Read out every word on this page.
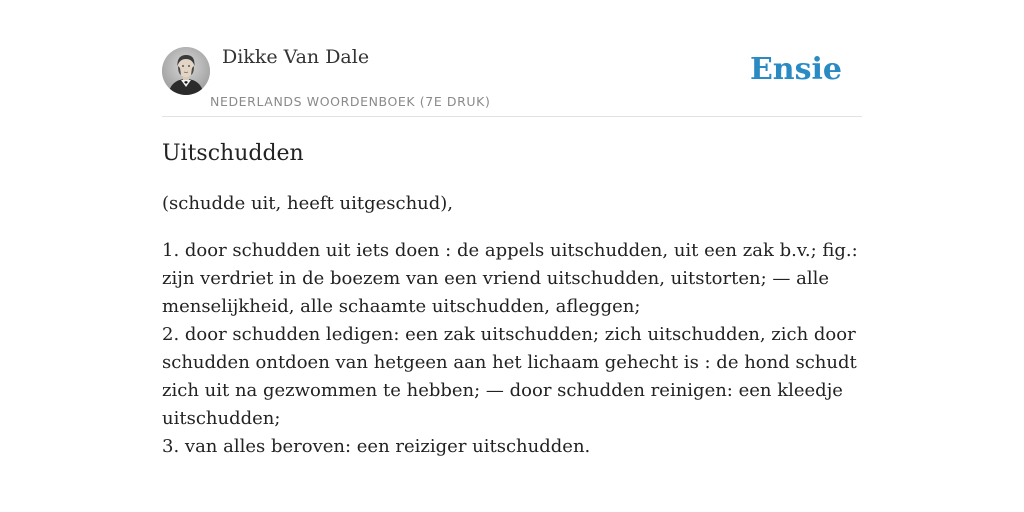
Dikke Van Dale
NEDERLANDS WOORDENBOEK (7E DRUK)
Ensie
Uitschudden

(schudde uit, heeft uitgeschud),

1. door schudden uit iets doen : de appels uitschudden, uit een zak b.v.; fig.: zijn verdriet in de boezem van een vriend uitschudden, uitstorten; — alle menselijkheid, alle schaamte uitschudden, afleggen;
2. door schudden ledigen: een zak uitschudden; zich uitschudden, zich door schudden ontdoen van hetgeen aan het lichaam gehecht is : de hond schudt zich uit na gezwommen te hebben; — door schudden reinigen: een kleedje uitschudden;
3. van alles beroven: een reiziger uitschudden.
